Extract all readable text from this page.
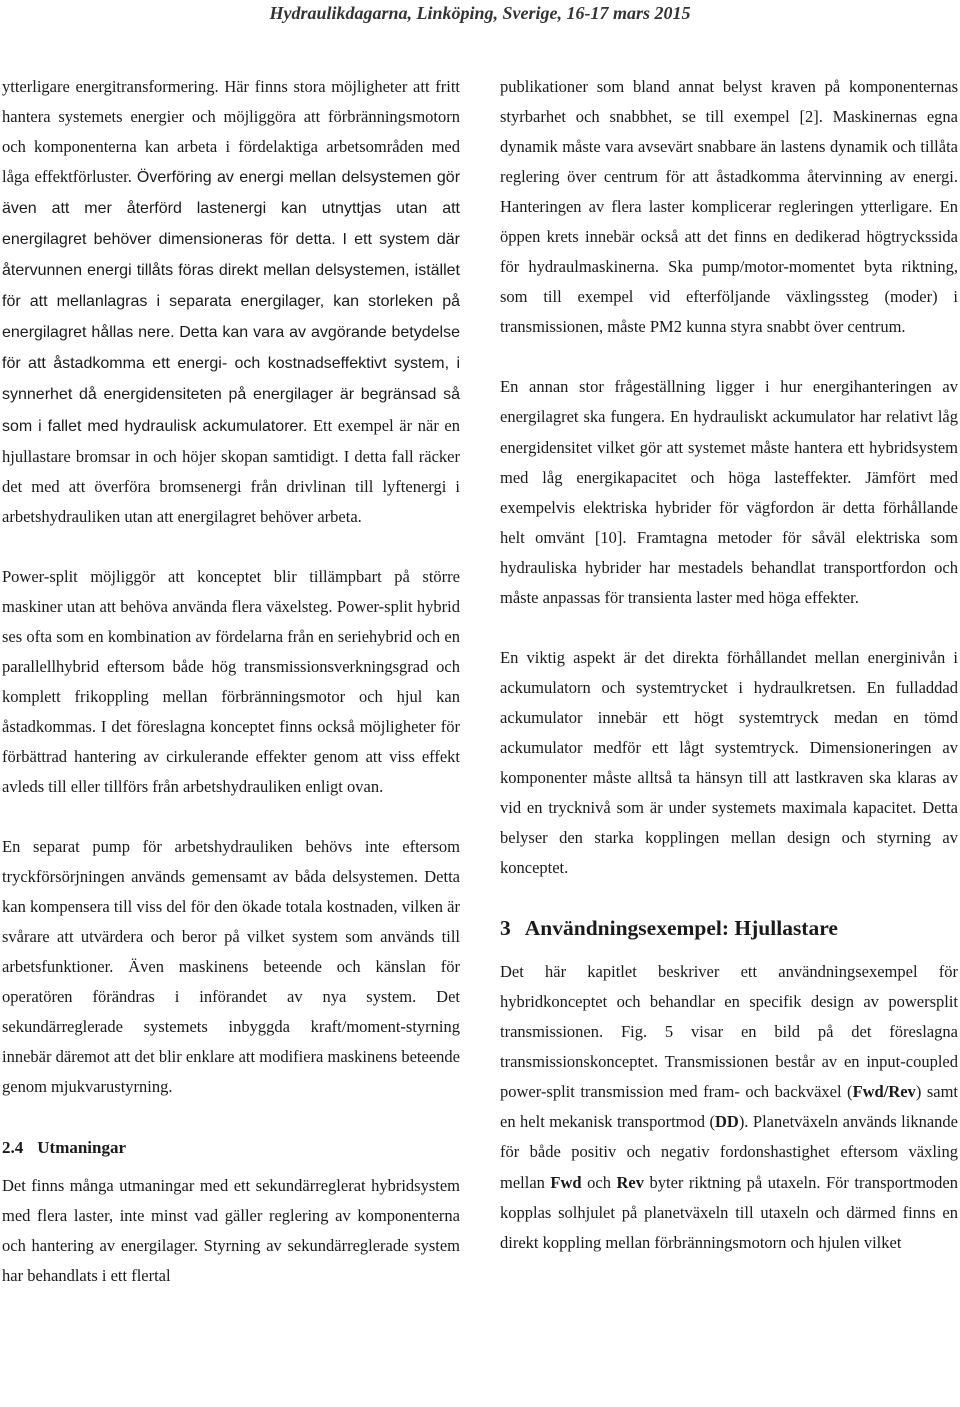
Hydraulikdagarna, Linköping, Sverige, 16-17 mars 2015

ytterligare energitransformering. Här finns stora möjligheter att fritt hantera systemets energier och möjliggöra att förbränningsmotorn och komponenterna kan arbeta i fördelaktiga arbetsområden med låga effektförluster. Överföring av energi mellan delsystemen gör även att mer återförd lastenergi kan utnyttjas utan att energilagret behöver dimensioneras för detta. I ett system där återvunnen energi tillåts föras direkt mellan delsystemen, istället för att mellanlagras i separata energilager, kan storleken på energilagret hållas nere. Detta kan vara av avgörande betydelse för att åstadkomma ett energi- och kostnadseffektivt system, i synnerhet då energidensiteten på energilager är begränsad så som i fallet med hydraulisk ackumulatorer. Ett exempel är när en hjullastare bromsar in och höjer skopan samtidigt. I detta fall räcker det med att överföra bromsenergi från drivlinan till lyftenergi i arbetshydrauliken utan att energilagret behöver arbeta.

Power-split möjliggör att konceptet blir tillämpbart på större maskiner utan att behöva använda flera växelsteg. Power-split hybrid ses ofta som en kombination av fördelarna från en seriehybrid och en parallellhybrid eftersom både hög transmissionsverkningsgrad och komplett frikoppling mellan förbränningsmotor och hjul kan åstadkommas. I det föreslagna konceptet finns också möjligheter för förbättrad hantering av cirkulerande effekter genom att viss effekt avleds till eller tillförs från arbetshydrauliken enligt ovan.

En separat pump för arbetshydrauliken behövs inte eftersom tryckförsörjningen används gemensamt av båda delsystemen. Detta kan kompensera till viss del för den ökade totala kostnaden, vilken är svårare att utvärdera och beror på vilket system som används till arbetsfunktioner. Även maskinens beteende och känslan för operatören förändras i införandet av nya system. Det sekundärreglerade systemets inbyggda kraft/moment-styrning innebär däremot att det blir enklare att modifiera maskinens beteende genom mjukvarustyrning.

2.4 Utmaningar

Det finns många utmaningar med ett sekundärreglerat hybridsystem med flera laster, inte minst vad gäller reglering av komponenterna och hantering av energilager. Styrning av sekundärreglerade system har behandlats i ett flertal

publikationer som bland annat belyst kraven på komponenternas styrbarhet och snabbhet, se till exempel [2]. Maskinernas egna dynamik måste vara avsevärt snabbare än lastens dynamik och tillåta reglering över centrum för att åstadkomma återvinning av energi. Hanteringen av flera laster komplicerar regleringen ytterligare. En öppen krets innebär också att det finns en dedikerad högtryckssida för hydraulmaskinerna. Ska pump/motor-momentet byta riktning, som till exempel vid efterföljande växlingssteg (moder) i transmissionen, måste PM2 kunna styra snabbt över centrum.

En annan stor frågeställning ligger i hur energihanteringen av energilagret ska fungera. En hydrauliskt ackumulator har relativt låg energidensitet vilket gör att systemet måste hantera ett hybridsystem med låg energikapacitet och höga lasteffekter. Jämfört med exempelvis elektriska hybrider för vägfordon är detta förhållande helt omvänt [10]. Framtagna metoder för såväl elektriska som hydrauliska hybrider har mestadels behandlat transportfordon och måste anpassas för transienta laster med höga effekter.

En viktig aspekt är det direkta förhållandet mellan energinivån i ackumulatorn och systemtrycket i hydraulkretsen. En fulladdad ackumulator innebär ett högt systemtryck medan en tömd ackumulator medför ett lågt systemtryck. Dimensioneringen av komponenter måste alltså ta hänsyn till att lastkraven ska klaras av vid en trycknivå som är under systemets maximala kapacitet. Detta belyser den starka kopplingen mellan design och styrning av konceptet.

3 Användningsexempel: Hjullastare

Det här kapitlet beskriver ett användningsexempel för hybridkonceptet och behandlar en specifik design av powersplit transmissionen. Fig. 5 visar en bild på det föreslagna transmissionskonceptet. Transmissionen består av en input-coupled power-split transmission med fram- och backväxel (Fwd/Rev) samt en helt mekanisk transportmod (DD). Planetväxeln används liknande för både positiv och negativ fordonshastighet eftersom växling mellan Fwd och Rev byter riktning på utaxeln. För transportmoden kopplas solhjulet på planetväxeln till utaxeln och därmed finns en direkt koppling mellan förbränningsmotorn och hjulen vilket
